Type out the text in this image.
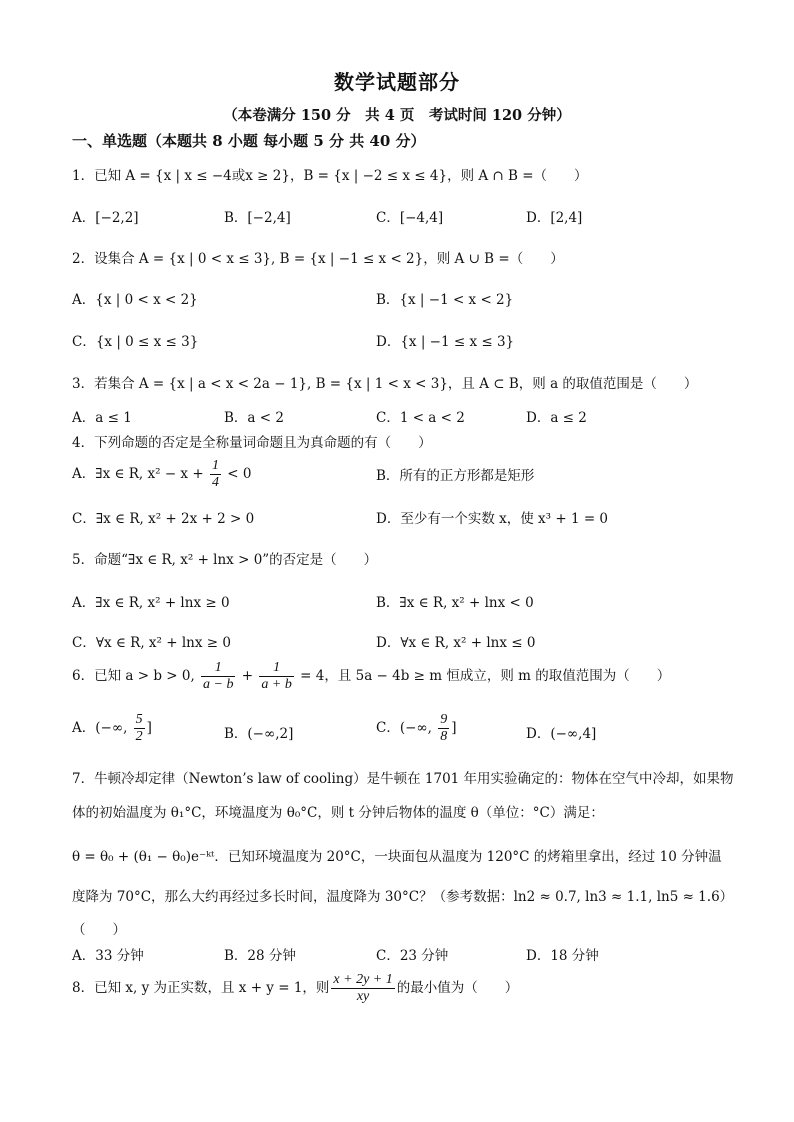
数学试题部分
（本卷满分 150 分　共 4 页　考试时间 120 分钟）
一、单选题（本题共 8 小题 每小题 5 分 共 40 分）
1．已知 A = {x | x ≤ −4或x ≥ 2}，B = {x | −2 ≤ x ≤ 4}，则 A ∩ B =（　　）
A．[−2,2]	B．[−2,4]	C．[−4,4]	D．[2,4]
2．设集合 A = {x | 0 < x ≤ 3}, B = {x | −1 ≤ x < 2}，则 A ∪ B =（　　）
A．{x | 0 < x < 2}	B．{x | −1 < x < 2}
C．{x | 0 ≤ x ≤ 3}	D．{x | −1 ≤ x ≤ 3}
3．若集合 A = {x | a < x < 2a − 1}, B = {x | 1 < x < 3}，且 A ⊂ B，则 a 的取值范围是（　　）
A．a ≤ 1	B．a < 2	C．1 < a < 2	D．a ≤ 2
4．下列命题的否定是全称量词命题且为真命题的有（　　）
A．∃x ∈ R, $x^2 - x + \frac{1}{4} < 0$	B．所有的正方形都是矩形
C．∃x ∈ R, x² + 2x + 2 > 0	D．至少有一个实数 x，使 x³ + 1 = 0
5．命题“∃x ∈ R, x² + lnx > 0”的否定是（　　）
A．∃x ∈ R, x² + lnx ≥ 0	B．∃x ∈ R, x² + lnx < 0
C．∀x ∈ R, x² + lnx ≥ 0	D．∀x ∈ R, x² + lnx ≤ 0
6．已知 a > b > 0, $\frac{1}{a - b} + \frac{1}{a + b} = 4$，且 5a − 4b ≥ m 恒成立，则 m 的取值范围为（　　）
A．(−∞, $\frac{5}{2}$ ]	B．(−∞,2]	C．(−∞, $\frac{9}{8}$ ]	D．(−∞,4]
7．牛顿冷却定律（Newton’s law of cooling）是牛顿在 1701 年用实验确定的：物体在空气中冷却，如果物
体的初始温度为 θ₁°C，环境温度为 θ₀°C，则 t 分钟后物体的温度 θ（单位：°C）满足：
θ = θ₀ + (θ₁ − θ₀)e⁻ᵏᵗ．已知环境温度为 20°C，一块面包从温度为 120°C 的烤箱里拿出，经过 10 分钟温
度降为 70°C，那么大约再经过多长时间，温度降为 30°C？（参考数据：ln2 ≈ 0.7, ln3 ≈ 1.1, ln5 ≈ 1.6）
（　　）
A．33 分钟	B．28 分钟	C．23 分钟	D．18 分钟
8．已知 x, y 为正实数，且 x + y = 1，则 $\frac{x + 2y + 1}{xy}$ 的最小值为（　　）
